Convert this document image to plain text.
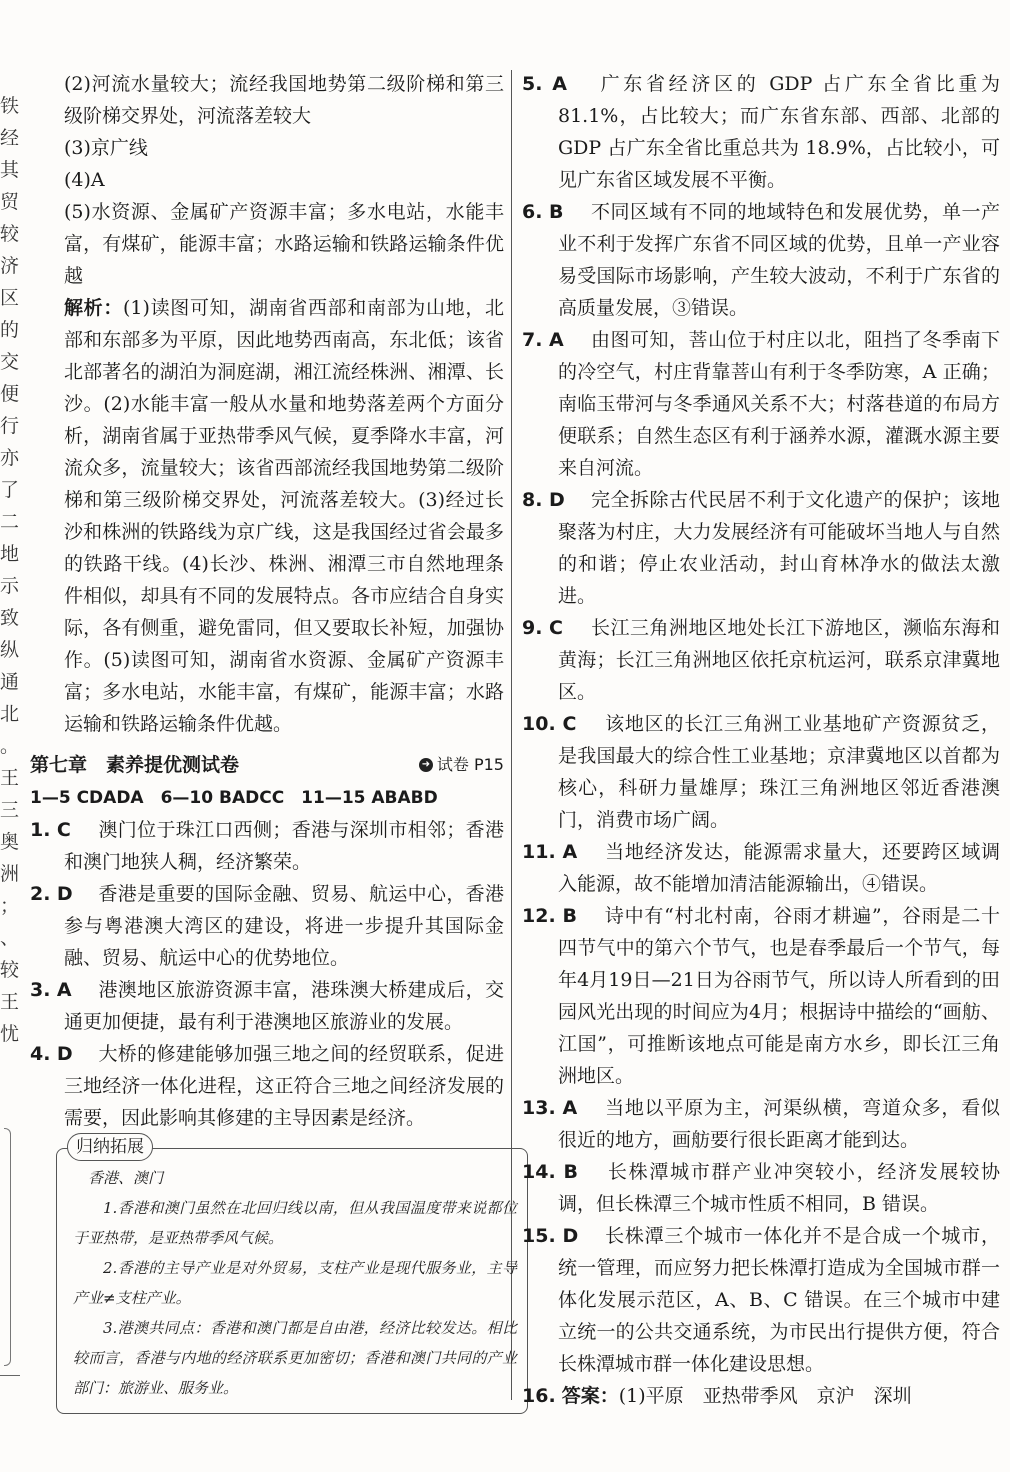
铁
经
其
贸
较
济
区
的
交
便
行
亦
了
二
地
示
致
纵
通
北
。
王
三
奥
洲
；
、
较
王
忧

(2)河流水量较大；流经我国地势第二级阶梯和第三级阶梯交界处，河流落差较大

(3)京广线

(4)A

(5)水资源、金属矿产资源丰富；多水电站，水能丰富，有煤矿，能源丰富；水路运输和铁路运输条件优越

解析：(1)读图可知，湖南省西部和南部为山地，北部和东部多为平原，因此地势西南高，东北低；该省北部著名的湖泊为洞庭湖，湘江流经株洲、湘潭、长沙。(2)水能丰富一般从水量和地势落差两个方面分析，湖南省属于亚热带季风气候，夏季降水丰富，河流众多，流量较大；该省西部流经我国地势第二级阶梯和第三级阶梯交界处，河流落差较大。(3)经过长沙和株洲的铁路线为京广线，这是我国经过省会最多的铁路干线。(4)长沙、株洲、湘潭三市自然地理条件相似，却具有不同的发展特点。各市应结合自身实际，各有侧重，避免雷同，但又要取长补短，加强协作。(5)读图可知，湖南省水资源、金属矿产资源丰富；多水电站，水能丰富，有煤矿，能源丰富；水路运输和铁路运输条件优越。

第七章　素养提优测试卷	➜ 试卷 P15

1—5 CDADA　6—10 BADCC　11—15 ABABD

1. C　 澳门位于珠江口西侧；香港与深圳市相邻；香港和澳门地狭人稠，经济繁荣。

2. D　 香港是重要的国际金融、贸易、航运中心，香港参与粤港澳大湾区的建设，将进一步提升其国际金融、贸易、航运中心的优势地位。

3. A　 港澳地区旅游资源丰富，港珠澳大桥建成后，交通更加便捷，最有利于港澳地区旅游业的发展。

4. D　 大桥的修建能够加强三地之间的经贸联系，促进三地经济一体化进程，这正符合三地之间经济发展的需要，因此影响其修建的主导因素是经济。

归纳拓展

香港、澳门

1.香港和澳门虽然在北回归线以南，但从我国温度带来说都位于亚热带，是亚热带季风气候。

2.香港的主导产业是对外贸易，支柱产业是现代服务业，主导产业≠支柱产业。

3.港澳共同点：香港和澳门都是自由港，经济比较发达。相比较而言，香港与内地的经济联系更加密切；香港和澳门共同的产业部门：旅游业、服务业。

5. A　 广东省经济区的 GDP 占广东全省比重为 81.1%，占比较大；而广东省东部、西部、北部的 GDP 占广东全省比重总共为 18.9%，占比较小，可见广东省区域发展不平衡。

6. B　 不同区域有不同的地域特色和发展优势，单一产业不利于发挥广东省不同区域的优势，且单一产业容易受国际市场影响，产生较大波动，不利于广东省的高质量发展，③错误。

7. A　 由图可知，菩山位于村庄以北，阻挡了冬季南下的冷空气，村庄背靠菩山有利于冬季防寒，A 正确；南临玉带河与冬季通风关系不大；村落巷道的布局方便联系；自然生态区有利于涵养水源，灌溉水源主要来自河流。

8. D　 完全拆除古代民居不利于文化遗产的保护；该地聚落为村庄，大力发展经济有可能破坏当地人与自然的和谐；停止农业活动，封山育林净水的做法太激进。

9. C　 长江三角洲地区地处长江下游地区，濒临东海和黄海；长江三角洲地区依托京杭运河，联系京津冀地区。

10. C　 该地区的长江三角洲工业基地矿产资源贫乏，是我国最大的综合性工业基地；京津冀地区以首都为核心，科研力量雄厚；珠江三角洲地区邻近香港澳门，消费市场广阔。

11. A　 当地经济发达，能源需求量大，还要跨区域调入能源，故不能增加清洁能源输出，④错误。

12. B　 诗中有“村北村南，谷雨才耕遍”，谷雨是二十四节气中的第六个节气，也是春季最后一个节气，每年4月19日—21日为谷雨节气，所以诗人所看到的田园风光出现的时间应为4月；根据诗中描绘的“画舫、江国”，可推断该地点可能是南方水乡，即长江三角洲地区。

13. A　 当地以平原为主，河渠纵横，弯道众多，看似很近的地方，画舫要行很长距离才能到达。

14. B　 长株潭城市群产业冲突较小，经济发展较协调，但长株潭三个城市性质不相同，B 错误。

15. D　 长株潭三个城市一体化并不是合成一个城市，统一管理，而应努力把长株潭打造成为全国城市群一体化发展示范区，A、B、C 错误。在三个城市中建立统一的公共交通系统，为市民出行提供方便，符合长株潭城市群一体化建设思想。

16. 答案：(1)平原　亚热带季风　京沪　深圳
